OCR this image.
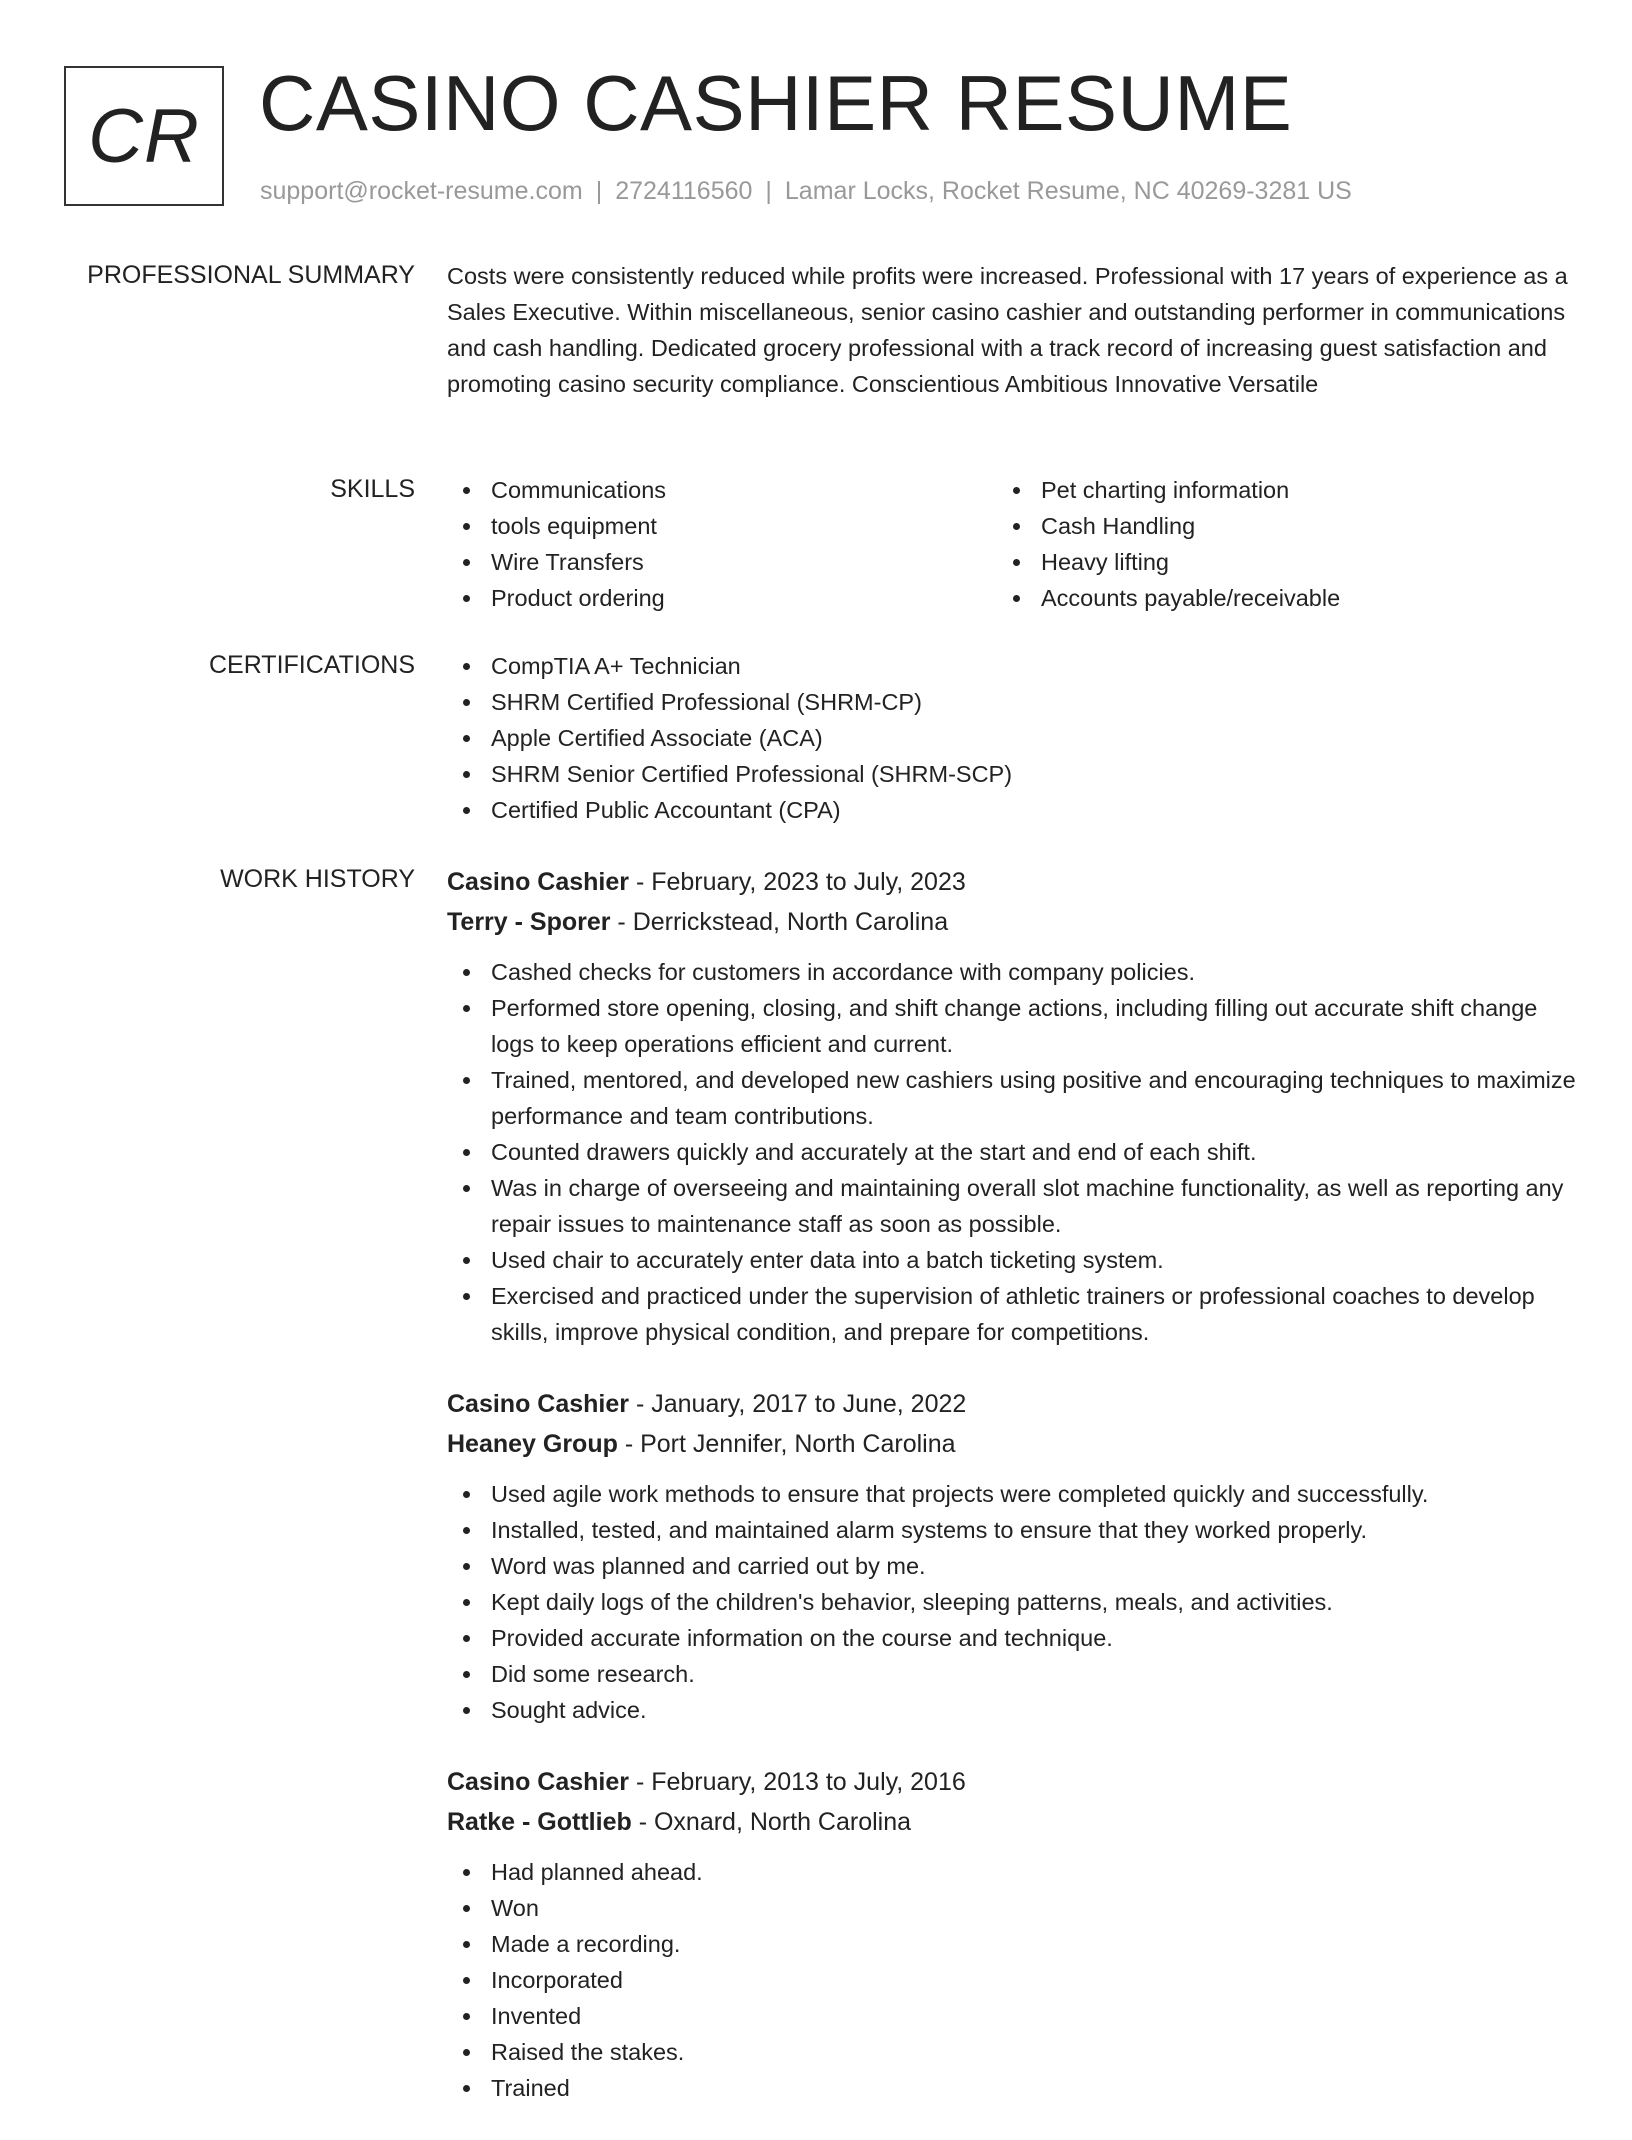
CR CASINO CASHIER RESUME
support@rocket-resume.com | 2724116560 | Lamar Locks, Rocket Resume, NC 40269-3281 US
PROFESSIONAL SUMMARY Costs were consistently reduced while profits were increased. Professional with 17 years of experience as a Sales Executive. Within miscellaneous, senior casino cashier and outstanding performer in communications and cash handling. Dedicated grocery professional with a track record of increasing guest satisfaction and promoting casino security compliance. Conscientious Ambitious Innovative Versatile

SKILLS	Communications
tools equipment
Wire Transfers
Product ordering
Pet charting information
Cash Handling
Heavy lifting
Accounts payable/receivable
CERTIFICATIONS	CompTIA A+ Technician
SHRM Certified Professional (SHRM-CP)
Apple Certified Associate (ACA)
SHRM Senior Certified Professional (SHRM-SCP)
Certified Public Accountant (CPA)
WORK HISTORY Casino Cashier - February, 2023 to July, 2023
Terry - Sporer - Derrickstead, North Carolina
Cashed checks for customers in accordance with company policies.
Performed store opening, closing, and shift change actions, including filling out accurate shift change logs to keep operations efficient and current.
Trained, mentored, and developed new cashiers using positive and encouraging techniques to maximize performance and team contributions.
Counted drawers quickly and accurately at the start and end of each shift.
Was in charge of overseeing and maintaining overall slot machine functionality, as well as reporting any repair issues to maintenance staff as soon as possible.
Used chair to accurately enter data into a batch ticketing system.
Exercised and practiced under the supervision of athletic trainers or professional coaches to develop skills, improve physical condition, and prepare for competitions.
Casino Cashier - January, 2017 to June, 2022
Heaney Group - Port Jennifer, North Carolina
Used agile work methods to ensure that projects were completed quickly and successfully.
Installed, tested, and maintained alarm systems to ensure that they worked properly.
Word was planned and carried out by me.
Kept daily logs of the children's behavior, sleeping patterns, meals, and activities.
Provided accurate information on the course and technique.
Did some research.
Sought advice.
Casino Cashier - February, 2013 to July, 2016
Ratke - Gottlieb - Oxnard, North Carolina
Had planned ahead.
Won
Made a recording.
Incorporated
Invented
Raised the stakes.
Trained
